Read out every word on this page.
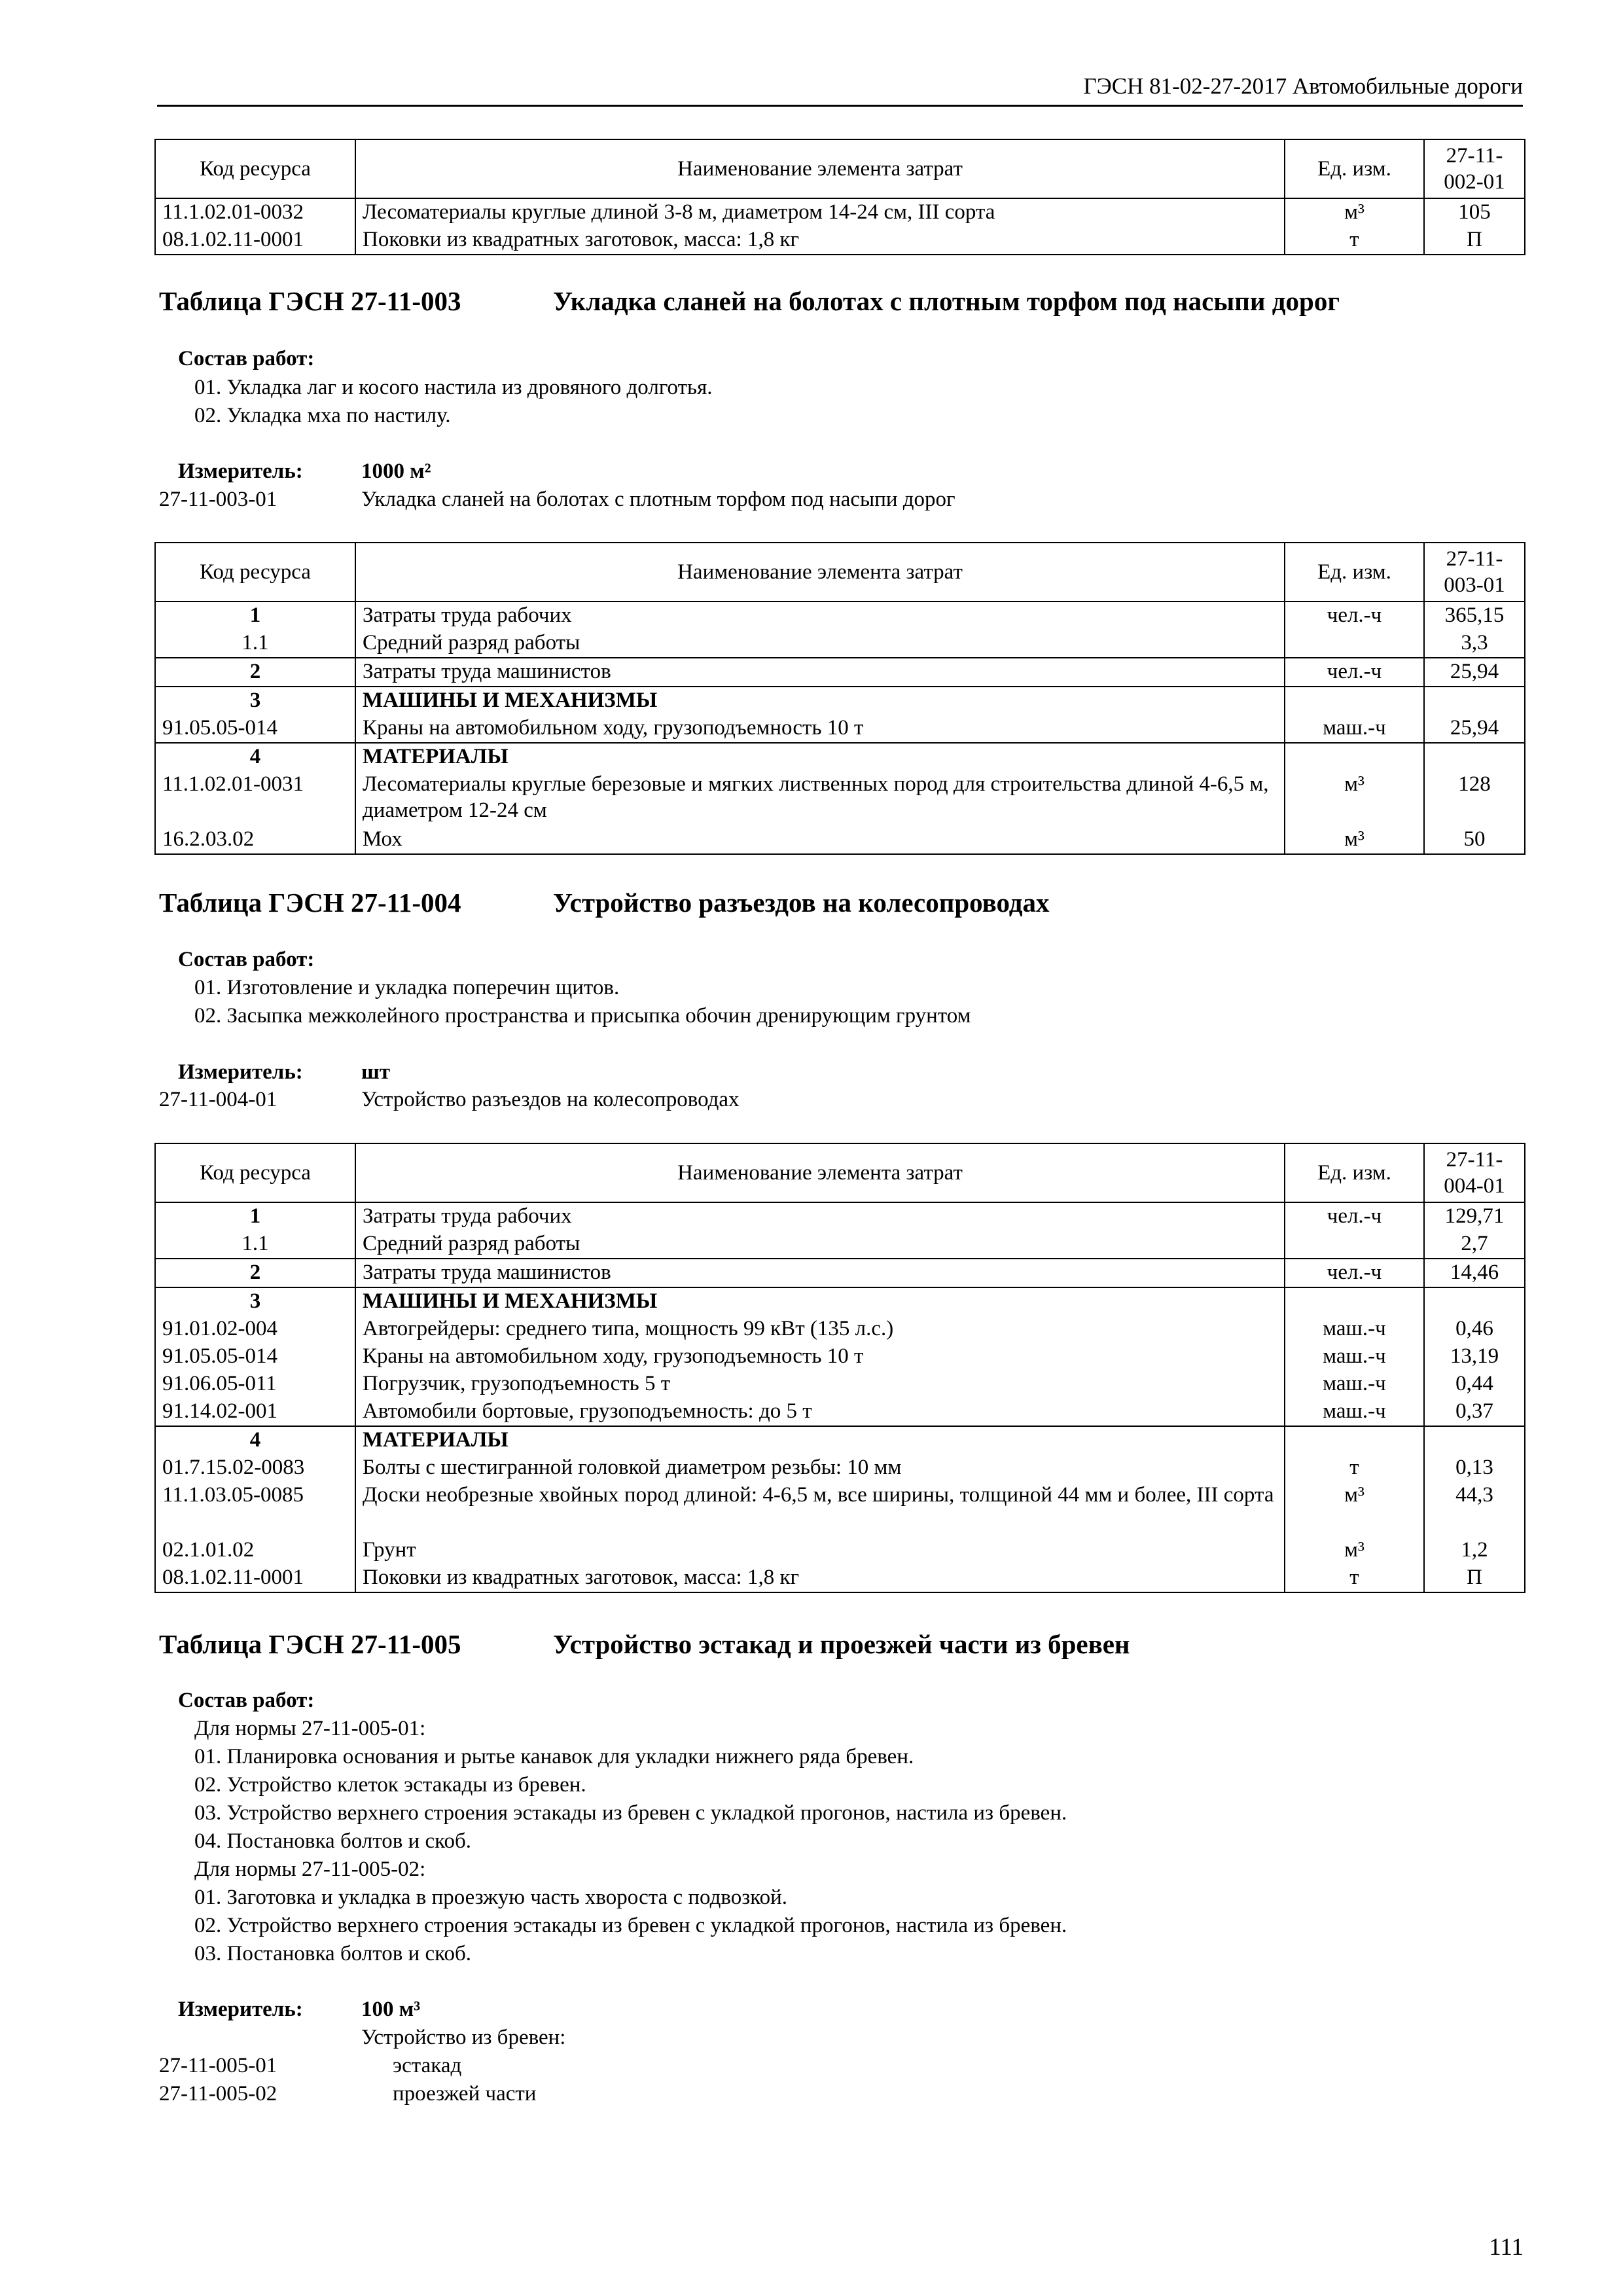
ГЭСН 81-02-27-2017 Автомобильные дороги
Код ресурса	Наименование элемента затрат	Ед. изм.	27-11-002-01
11.1.02.01-0032	Лесоматериалы круглые длиной 3-8 м, диаметром 14-24 см, III сорта	м³	105
08.1.02.11-0001	Поковки из квадратных заготовок, масса: 1,8 кг	т	П
Таблица ГЭСН 27-11-003	Укладка сланей на болотах с плотным торфом под насыпи дорог
Состав работ:
01. Укладка лаг и косого настила из дровяного долготья.
02. Укладка мха по настилу.
Измеритель:	1000 м²
27-11-003-01	Укладка сланей на болотах с плотным торфом под насыпи дорог
Код ресурса	Наименование элемента затрат	Ед. изм.	27-11-003-01
1	Затраты труда рабочих	чел.-ч	365,15
1.1	Средний разряд работы		3,3
2	Затраты труда машинистов	чел.-ч	25,94
3	МАШИНЫ И МЕХАНИЗМЫ		
91.05.05-014	Краны на автомобильном ходу, грузоподъемность 10 т	маш.-ч	25,94
4	МАТЕРИАЛЫ		
11.1.02.01-0031	Лесоматериалы круглые березовые и мягких лиственных пород для строительства длиной 4-6,5 м, диаметром 12-24 см	м³	128
16.2.03.02	Мох	м³	50
Таблица ГЭСН 27-11-004	Устройство разъездов на колесопроводах
Состав работ:
01. Изготовление и укладка поперечин щитов.
02. Засыпка межколейного пространства и присыпка обочин дренирующим грунтом
Измеритель:	шт
27-11-004-01	Устройство разъездов на колесопроводах
Код ресурса	Наименование элемента затрат	Ед. изм.	27-11-004-01
1	Затраты труда рабочих	чел.-ч	129,71
1.1	Средний разряд работы		2,7
2	Затраты труда машинистов	чел.-ч	14,46
3	МАШИНЫ И МЕХАНИЗМЫ		
91.01.02-004	Автогрейдеры: среднего типа, мощность 99 кВт (135 л.с.)	маш.-ч	0,46
91.05.05-014	Краны на автомобильном ходу, грузоподъемность 10 т	маш.-ч	13,19
91.06.05-011	Погрузчик, грузоподъемность 5 т	маш.-ч	0,44
91.14.02-001	Автомобили бортовые, грузоподъемность: до 5 т	маш.-ч	0,37
4	МАТЕРИАЛЫ		
01.7.15.02-0083	Болты с шестигранной головкой диаметром резьбы: 10 мм	т	0,13
11.1.03.05-0085	Доски необрезные хвойных пород длиной: 4-6,5 м, все ширины, толщиной 44 мм и более, III сорта	м³	44,3
02.1.01.02	Грунт	м³	1,2
08.1.02.11-0001	Поковки из квадратных заготовок, масса: 1,8 кг	т	П
Таблица ГЭСН 27-11-005	Устройство эстакад и проезжей части из бревен
Состав работ:
Для нормы 27-11-005-01:
01. Планировка основания и рытье канавок для укладки нижнего ряда бревен.
02. Устройство клеток эстакады из бревен.
03. Устройство верхнего строения эстакады из бревен с укладкой прогонов, настила из бревен.
04. Постановка болтов и скоб.
Для нормы 27-11-005-02:
01. Заготовка и укладка в проезжую часть хвороста с подвозкой.
02. Устройство верхнего строения эстакады из бревен с укладкой прогонов, настила из бревен.
03. Постановка болтов и скоб.
Измеритель:	100 м³
Устройство из бревен:
27-11-005-01	эстакад
27-11-005-02	проезжей части
111
